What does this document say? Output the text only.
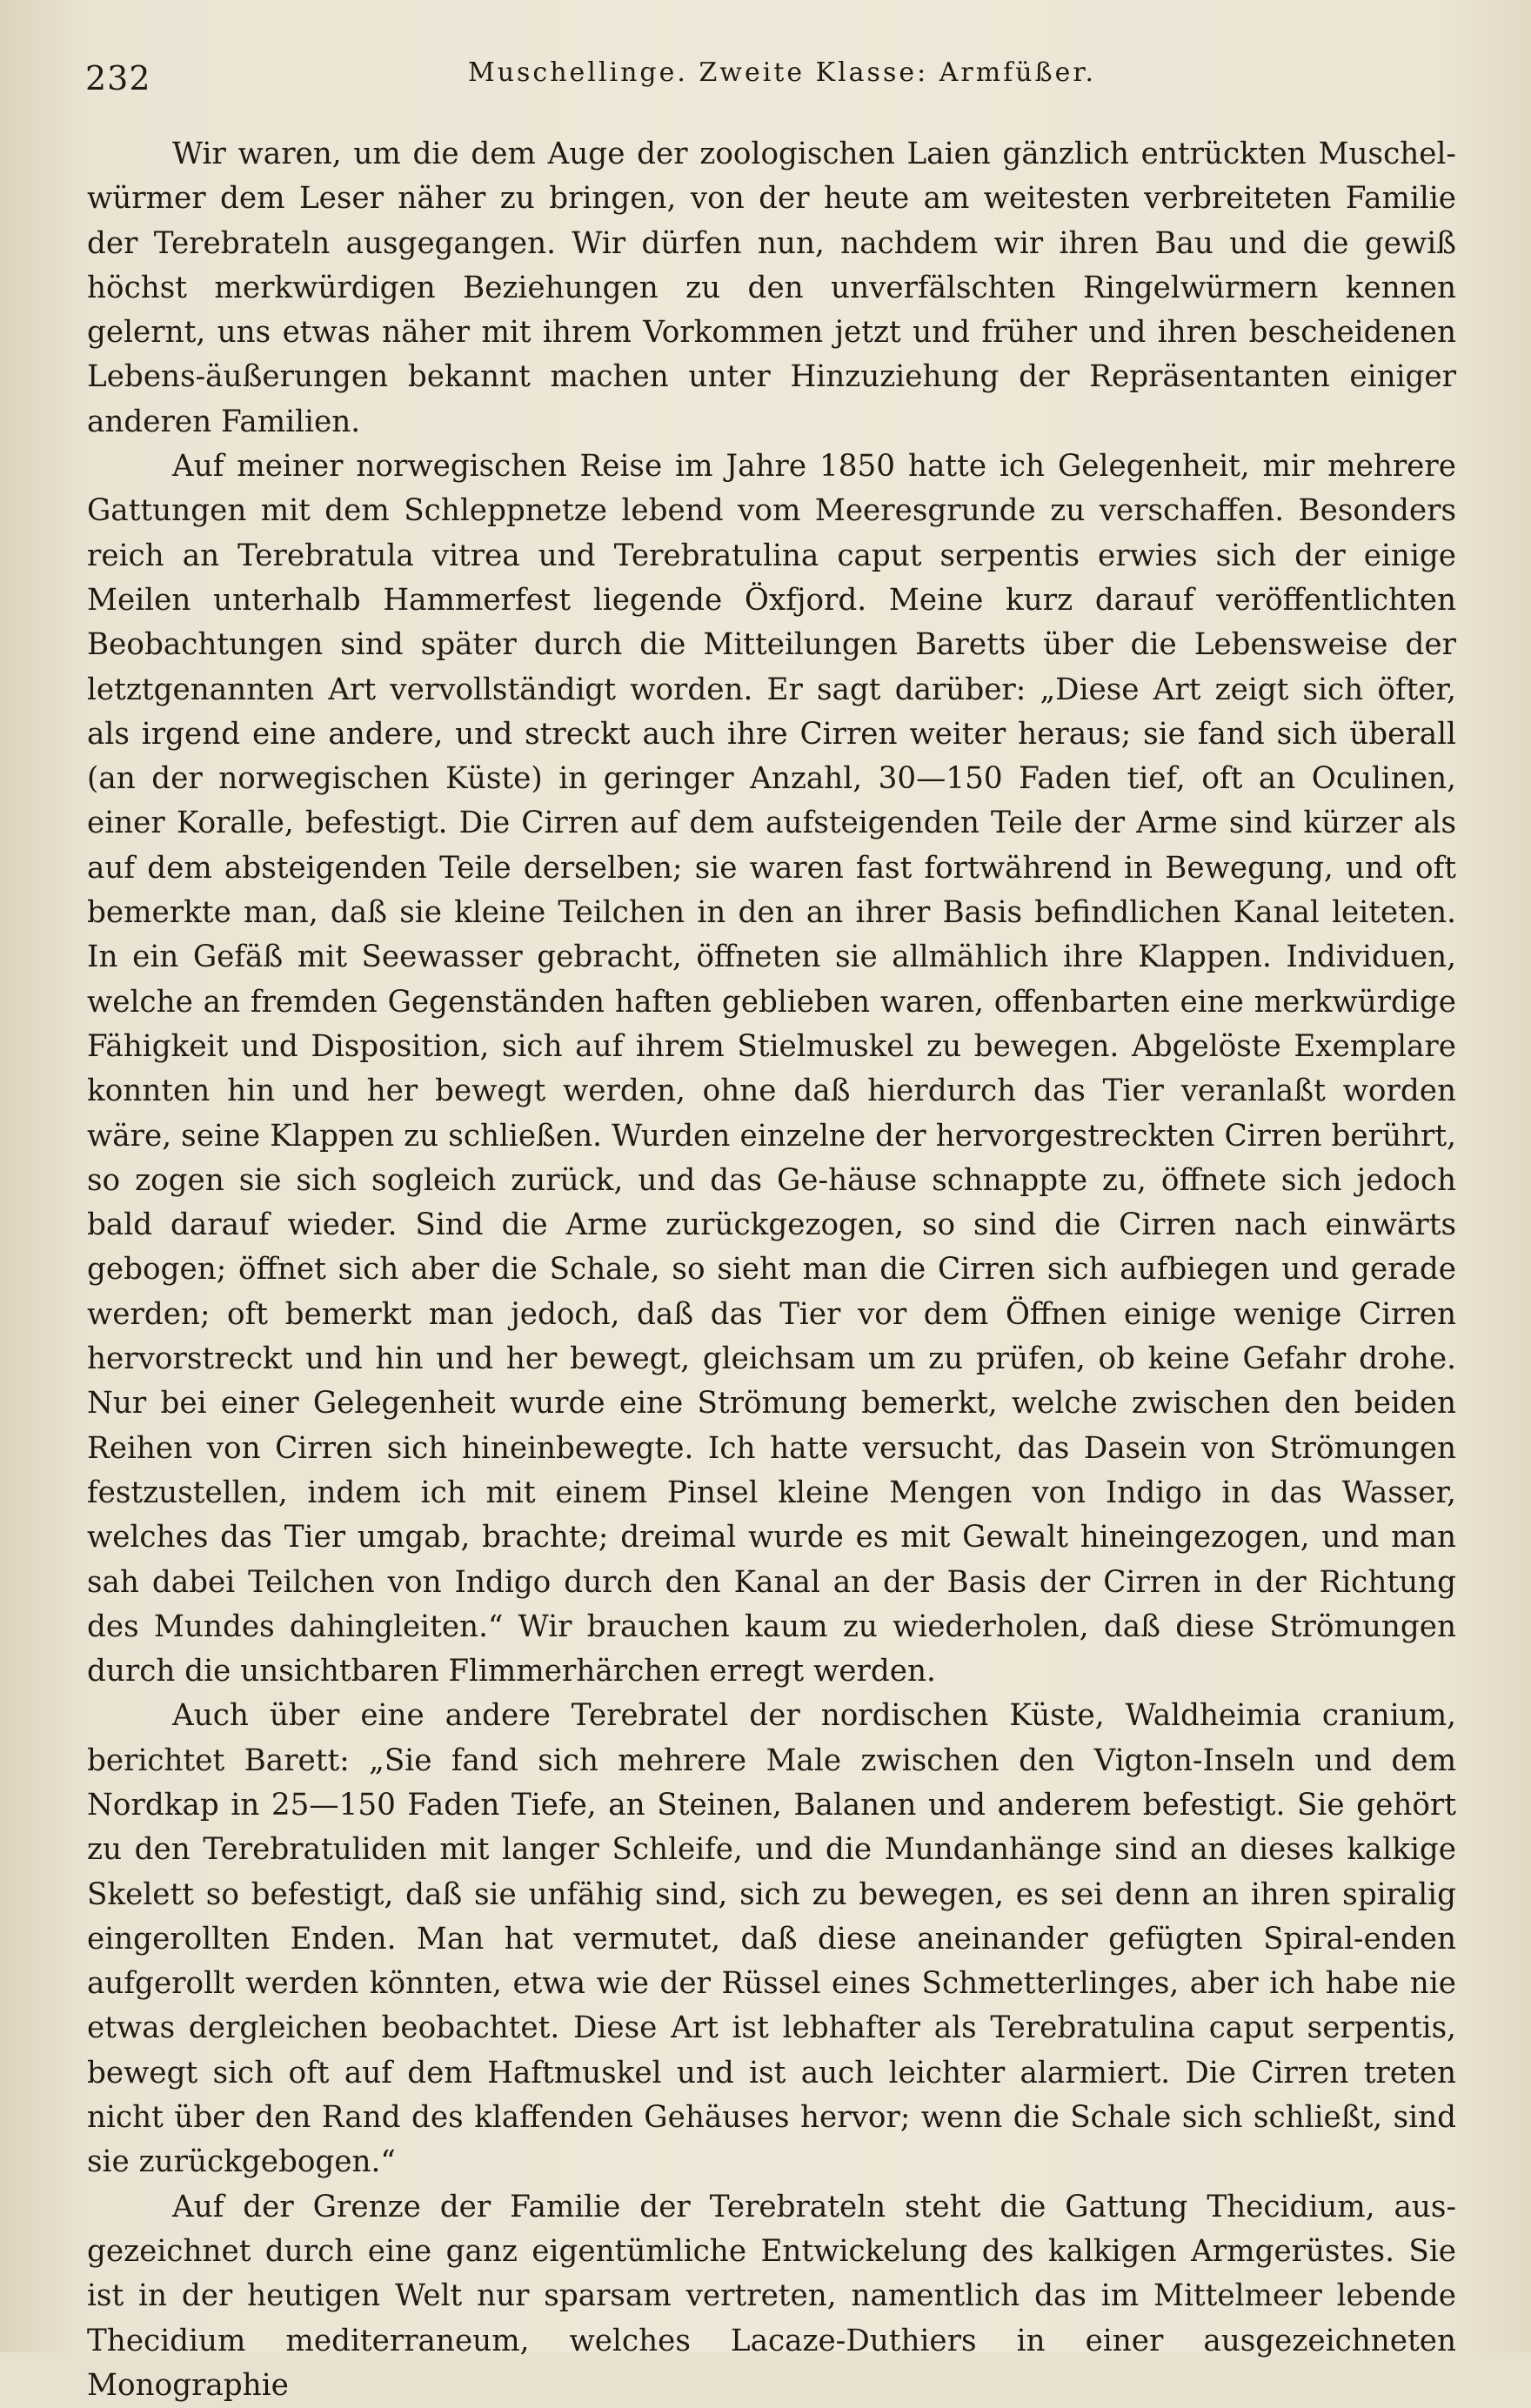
232	Muschellinge. Zweite Klasse: Armfüßer.

Wir waren, um die dem Auge der zoologischen Laien gänzlich entrückten Muschel-würmer dem Leser näher zu bringen, von der heute am weitesten verbreiteten Familie der Terebrateln ausgegangen. Wir dürfen nun, nachdem wir ihren Bau und die gewiß höchst merkwürdigen Beziehungen zu den unverfälschten Ringelwürmern kennen gelernt, uns etwas näher mit ihrem Vorkommen jetzt und früher und ihren bescheidenen Lebens-äußerungen bekannt machen unter Hinzuziehung der Repräsentanten einiger anderen Familien.

Auf meiner norwegischen Reise im Jahre 1850 hatte ich Gelegenheit, mir mehrere Gattungen mit dem Schleppnetze lebend vom Meeresgrunde zu verschaffen. Besonders reich an Terebratula vitrea und Terebratulina caput serpentis erwies sich der einige Meilen unterhalb Hammerfest liegende Öxfjord. Meine kurz darauf veröffentlichten Beobachtungen sind später durch die Mitteilungen Baretts über die Lebensweise der letztgenannten Art vervollständigt worden. Er sagt darüber: „Diese Art zeigt sich öfter, als irgend eine andere, und streckt auch ihre Cirren weiter heraus; sie fand sich überall (an der norwegischen Küste) in geringer Anzahl, 30—150 Faden tief, oft an Oculinen, einer Koralle, befestigt. Die Cirren auf dem aufsteigenden Teile der Arme sind kürzer als auf dem absteigenden Teile derselben; sie waren fast fortwährend in Bewegung, und oft bemerkte man, daß sie kleine Teilchen in den an ihrer Basis befindlichen Kanal leiteten. In ein Gefäß mit Seewasser gebracht, öffneten sie allmählich ihre Klappen. Individuen, welche an fremden Gegenständen haften geblieben waren, offenbarten eine merkwürdige Fähigkeit und Disposition, sich auf ihrem Stielmuskel zu bewegen. Abgelöste Exemplare konnten hin und her bewegt werden, ohne daß hierdurch das Tier veranlaßt worden wäre, seine Klappen zu schließen. Wurden einzelne der hervorgestreckten Cirren berührt, so zogen sie sich sogleich zurück, und das Ge-häuse schnappte zu, öffnete sich jedoch bald darauf wieder. Sind die Arme zurückgezogen, so sind die Cirren nach einwärts gebogen; öffnet sich aber die Schale, so sieht man die Cirren sich aufbiegen und gerade werden; oft bemerkt man jedoch, daß das Tier vor dem Öffnen einige wenige Cirren hervorstreckt und hin und her bewegt, gleichsam um zu prüfen, ob keine Gefahr drohe. Nur bei einer Gelegenheit wurde eine Strömung bemerkt, welche zwischen den beiden Reihen von Cirren sich hineinbewegte. Ich hatte versucht, das Dasein von Strömungen festzustellen, indem ich mit einem Pinsel kleine Mengen von Indigo in das Wasser, welches das Tier umgab, brachte; dreimal wurde es mit Gewalt hineingezogen, und man sah dabei Teilchen von Indigo durch den Kanal an der Basis der Cirren in der Richtung des Mundes dahingleiten.“ Wir brauchen kaum zu wiederholen, daß diese Strömungen durch die unsichtbaren Flimmerhärchen erregt werden.

Auch über eine andere Terebratel der nordischen Küste, Waldheimia cranium, berichtet Barett: „Sie fand sich mehrere Male zwischen den Vigton-Inseln und dem Nordkap in 25—150 Faden Tiefe, an Steinen, Balanen und anderem befestigt. Sie gehört zu den Terebratuliden mit langer Schleife, und die Mundanhänge sind an dieses kalkige Skelett so befestigt, daß sie unfähig sind, sich zu bewegen, es sei denn an ihren spiralig eingerollten Enden. Man hat vermutet, daß diese aneinander gefügten Spiral-enden aufgerollt werden könnten, etwa wie der Rüssel eines Schmetterlinges, aber ich habe nie etwas dergleichen beobachtet. Diese Art ist lebhafter als Terebratulina caput serpentis, bewegt sich oft auf dem Haftmuskel und ist auch leichter alarmiert. Die Cirren treten nicht über den Rand des klaffenden Gehäuses hervor; wenn die Schale sich schließt, sind sie zurückgebogen.“

Auf der Grenze der Familie der Terebrateln steht die Gattung Thecidium, aus-gezeichnet durch eine ganz eigentümliche Entwickelung des kalkigen Armgerüstes. Sie ist in der heutigen Welt nur sparsam vertreten, namentlich das im Mittelmeer lebende Thecidium mediterraneum, welches Lacaze-Duthiers in einer ausgezeichneten Monographie
